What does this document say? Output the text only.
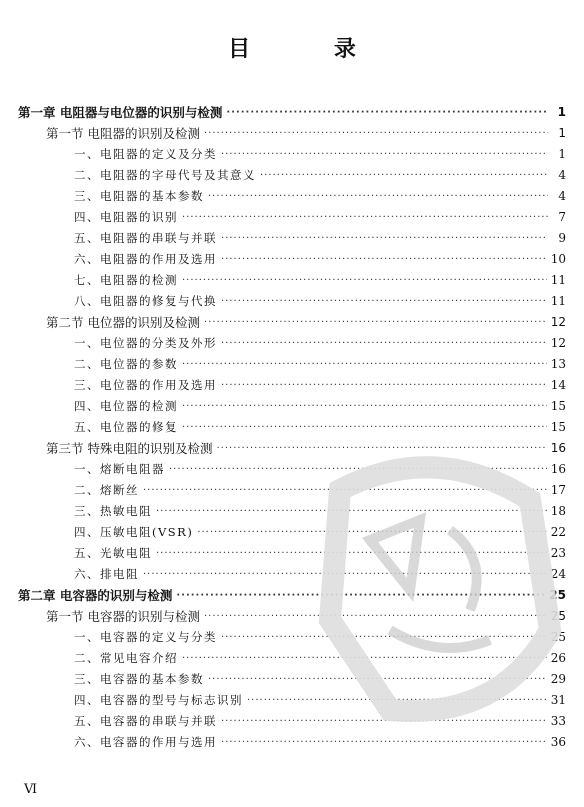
目 录
第一章 电阻器与电位器的识别与检测 ·····	1
第一节 电阻器的识别及检测 ·····	1
一、电阻器的定义及分类 ·····	1
二、电阻器的字母代号及其意义 ·····	4
三、电阻器的基本参数 ·····	4
四、电阻器的识别 ·····	7
五、电阻器的串联与并联 ·····	9
六、电阻器的作用及选用 ·····	10
七、电阻器的检测 ·····	11
八、电阻器的修复与代换 ·····	11
第二节 电位器的识别及检测 ·····	12
一、电位器的分类及外形 ·····	12
二、电位器的参数 ·····	13
三、电位器的作用及选用 ·····	14
四、电位器的检测 ·····	15
五、电位器的修复 ·····	15
第三节 特殊电阻的识别及检测 ·····	16
一、熔断电阻器 ·····	16
二、熔断丝 ·····	17
三、热敏电阻 ·····	18
四、压敏电阻(VSR) ·····	22
五、光敏电阻 ·····	23
六、排电阻 ·····	24
第二章 电容器的识别与检测 ·····	25
第一节 电容器的识别与检测 ·····	25
一、电容器的定义与分类 ·····	25
二、常见电容介绍 ·····	26
三、电容器的基本参数 ·····	29
四、电容器的型号与标志识别 ·····	31
五、电容器的串联与并联 ·····	33
六、电容器的作用与选用 ·····	36
Ⅵ
